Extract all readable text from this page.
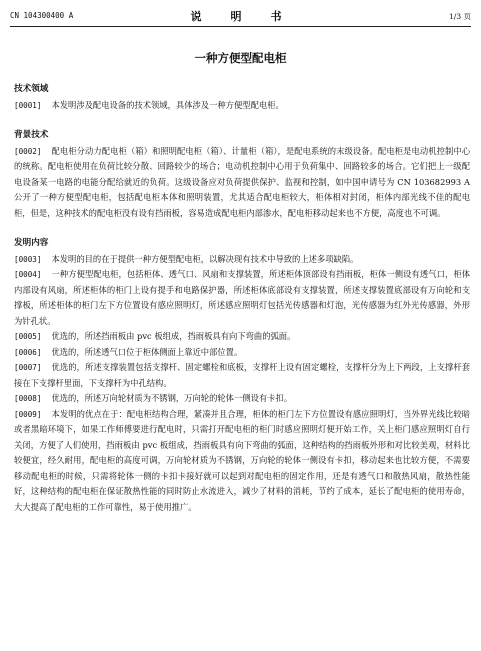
CN 104300400 A	说　明　书	1/3 页
一种方便型配电柜

技术领域

[0001] 本发明涉及配电设备的技术领域，具体涉及一种方便型配电柜。

背景技术

[0002] 配电柜分动力配电柜（箱）和照明配电柜（箱）、计量柜（箱），是配电系统的末级设备。配电柜是电动机控制中心的统称。配电柜使用在负荷比较分散、回路较少的场合；电动机控制中心用于负荷集中、回路较多的场合。它们把上一级配电设备某一电路的电能分配给就近的负荷。这级设备应对负荷提供保护、监视和控制，如中国申请号为 CN 103682993 A 公开了一种方便型配电柜，包括配电柜本体和照明装置，尤其适合配电柜较大，柜体相对封闭，柜体内部光线不佳的配电柜，但是，这种技术的配电柜没有设有挡雨板，容易造成配电柜内部渗水，配电柜移动起来也不方便，高度也不可调。

发明内容

[0003] 本发明的目的在于提供一种方便型配电柜，以解决现有技术中导致的上述多项缺陷。

[0004] 一种方便型配电柜，包括柜体、透气口、风扇和支撑装置，所述柜体顶部设有挡雨板，柜体一侧设有透气口，柜体内部设有风扇，所述柜体的柜门上设有提手和电路保护器，所述柜体底部设有支撑装置，所述支撑装置底部设有万向轮和支撑板，所述柜体的柜门左下方位置设有感应照明灯，所述感应照明灯包括光传感器和灯泡，光传感器为红外光传感器，外形为针孔状。

[0005] 优选的，所述挡雨板由 pvc 板组成，挡雨板具有向下弯曲的弧面。

[0006] 优选的，所述透气口位于柜体侧面上靠近中部位置。

[0007] 优选的，所述支撑装置包括支撑杆、固定螺栓和底板，支撑杆上设有固定螺栓，支撑杆分为上下两段，上支撑杆套接在下支撑杆里面，下支撑杆为中孔结构。

[0008] 优选的，所述万向轮材质为不锈钢，万向轮的轮体一侧设有卡扣。

[0009] 本发明的优点在于：配电柜结构合理，紧凑并且合理，柜体的柜门左下方位置设有感应照明灯，当外界光线比较暗或者黑暗环境下，如果工作师傅要进行配电时，只需打开配电柜的柜门时感应照明灯便开始工作，关上柜门感应照明灯自行关闭，方便了人们使用，挡雨板由 pvc 板组成，挡雨板具有向下弯曲的弧面，这种结构的挡雨板外形和对比较美观，材料比较便宜，经久耐用，配电柜的高度可调，万向轮材质为不锈钢，万向轮的轮体一侧设有卡扣，移动起来也比较方便，不需要移动配电柜的时候，只需将轮体一侧的卡扣卡接好就可以起到对配电柜的固定作用，还是有透气口和散热风扇，散热性能好，这种结构的配电柜在保证散热性能的同时防止水流进入，减少了材料的消耗，节约了成本，延长了配电柜的使用寿命，大大提高了配电柜的工作可靠性，易于使用推广。
